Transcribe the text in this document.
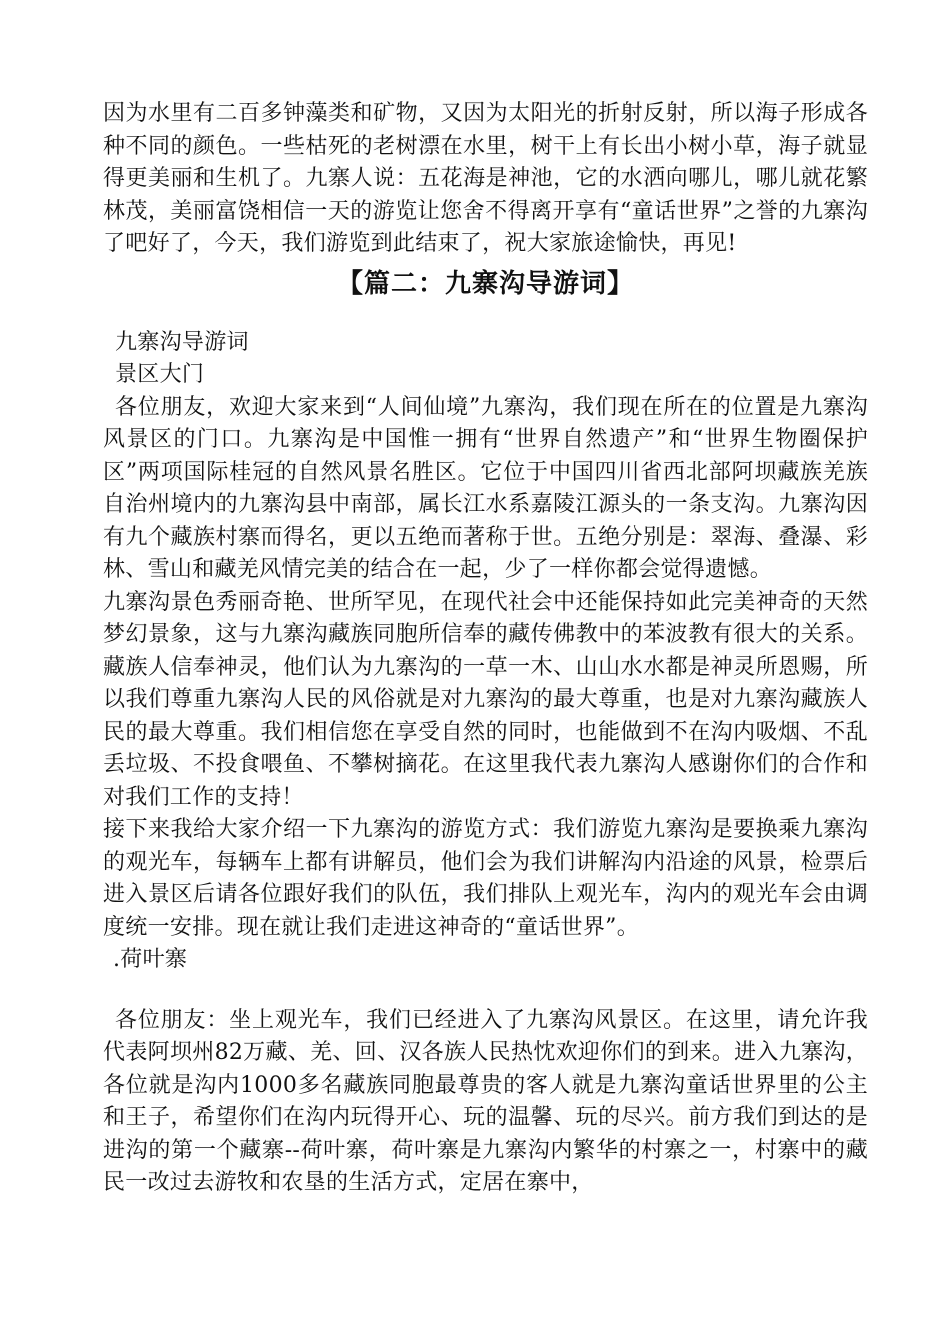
因为水里有二百多钟藻类和矿物，又因为太阳光的折射反射，所以海子形成各种不同的颜色。一些枯死的老树漂在水里，树干上有长出小树小草，海子就显得更美丽和生机了。九寨人说：五花海是神池，它的水洒向哪儿，哪儿就花繁林茂，美丽富饶相信一天的游览让您舍不得离开享有“童话世界”之誉的九寨沟了吧好了，今天，我们游览到此结束了，祝大家旅途愉快，再见!

【篇二：九寨沟导游词】

九寨沟导游词

景区大门

各位朋友，欢迎大家来到“人间仙境”九寨沟，我们现在所在的位置是九寨沟风景区的门口。九寨沟是中国惟一拥有“世界自然遗产”和“世界生物圈保护区”两项国际桂冠的自然风景名胜区。它位于中国四川省西北部阿坝藏族羌族自治州境内的九寨沟县中南部，属长江水系嘉陵江源头的一条支沟。九寨沟因有九个藏族村寨而得名，更以五绝而著称于世。五绝分别是：翠海、叠瀑、彩林、雪山和藏羌风情完美的结合在一起，少了一样你都会觉得遗憾。

九寨沟景色秀丽奇艳、世所罕见，在现代社会中还能保持如此完美神奇的天然梦幻景象，这与九寨沟藏族同胞所信奉的藏传佛教中的苯波教有很大的关系。藏族人信奉神灵，他们认为九寨沟的一草一木、山山水水都是神灵所恩赐，所以我们尊重九寨沟人民的风俗就是对九寨沟的最大尊重，也是对九寨沟藏族人民的最大尊重。我们相信您在享受自然的同时，也能做到不在沟内吸烟、不乱丢垃圾、不投食喂鱼、不攀树摘花。在这里我代表九寨沟人感谢你们的合作和对我们工作的支持！

接下来我给大家介绍一下九寨沟的游览方式：我们游览九寨沟是要换乘九寨沟的观光车，每辆车上都有讲解员，他们会为我们讲解沟内沿途的风景，检票后进入景区后请各位跟好我们的队伍，我们排队上观光车，沟内的观光车会由调度统一安排。现在就让我们走进这神奇的“童话世界”。

.荷叶寨

各位朋友：坐上观光车，我们已经进入了九寨沟风景区。在这里，请允许我代表阿坝州82万藏、羌、回、汉各族人民热忱欢迎你们的到来。进入九寨沟，各位就是沟内1000多名藏族同胞最尊贵的客人就是九寨沟童话世界里的公主和王子，希望你们在沟内玩得开心、玩的温馨、玩的尽兴。前方我们到达的是进沟的第一个藏寨--荷叶寨，荷叶寨是九寨沟内繁华的村寨之一，村寨中的藏民一改过去游牧和农垦的生活方式，定居在寨中，
